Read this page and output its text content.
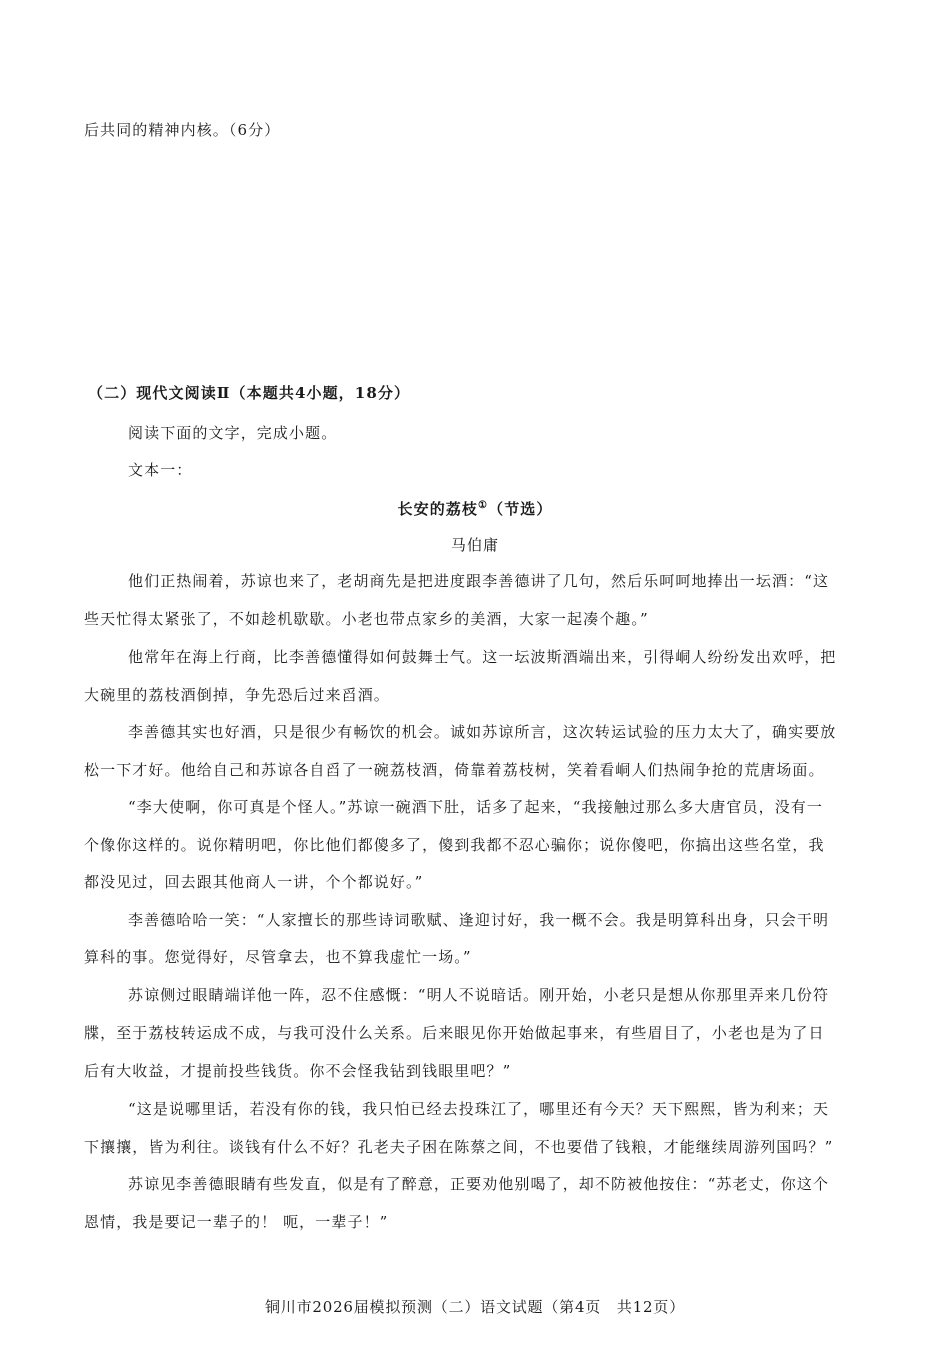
后共同的精神内核。（6分）
（二）现代文阅读Ⅱ（本题共4小题，18分）
阅读下面的文字，完成小题。
文本一：
长安的荔枝①（节选）
马伯庸
他们正热闹着，苏谅也来了，老胡商先是把进度跟李善德讲了几句，然后乐呵呵地捧出一坛酒：“这
些天忙得太紧张了，不如趁机歇歇。小老也带点家乡的美酒，大家一起凑个趣。”
他常年在海上行商，比李善德懂得如何鼓舞士气。这一坛波斯酒端出来，引得峒人纷纷发出欢呼，把
大碗里的荔枝酒倒掉，争先恐后过来舀酒。
李善德其实也好酒，只是很少有畅饮的机会。诚如苏谅所言，这次转运试验的压力太大了，确实要放
松一下才好。他给自己和苏谅各自舀了一碗荔枝酒，倚靠着荔枝树，笑着看峒人们热闹争抢的荒唐场面。
“李大使啊，你可真是个怪人。”苏谅一碗酒下肚，话多了起来，“我接触过那么多大唐官员，没有一
个像你这样的。说你精明吧，你比他们都傻多了，傻到我都不忍心骗你；说你傻吧，你搞出这些名堂，我
都没见过，回去跟其他商人一讲，个个都说好。”
李善德哈哈一笑：“人家擅长的那些诗词歌赋、逢迎讨好，我一概不会。我是明算科出身，只会干明
算科的事。您觉得好，尽管拿去，也不算我虚忙一场。”
苏谅侧过眼睛端详他一阵，忍不住感慨：“明人不说暗话。刚开始，小老只是想从你那里弄来几份符
牒，至于荔枝转运成不成，与我可没什么关系。后来眼见你开始做起事来，有些眉目了，小老也是为了日
后有大收益，才提前投些钱货。你不会怪我钻到钱眼里吧？”
“这是说哪里话，若没有你的钱，我只怕已经去投珠江了，哪里还有今天？天下熙熙，皆为利来；天
下攘攘，皆为利往。谈钱有什么不好？孔老夫子困在陈蔡之间，不也要借了钱粮，才能继续周游列国吗？”
苏谅见李善德眼睛有些发直，似是有了醉意，正要劝他别喝了，却不防被他按住：“苏老丈，你这个
恩情，我是要记一辈子的！ 呃，一辈子！”
铜川市2026届模拟预测（二）语文试题（第4页　共12页）
